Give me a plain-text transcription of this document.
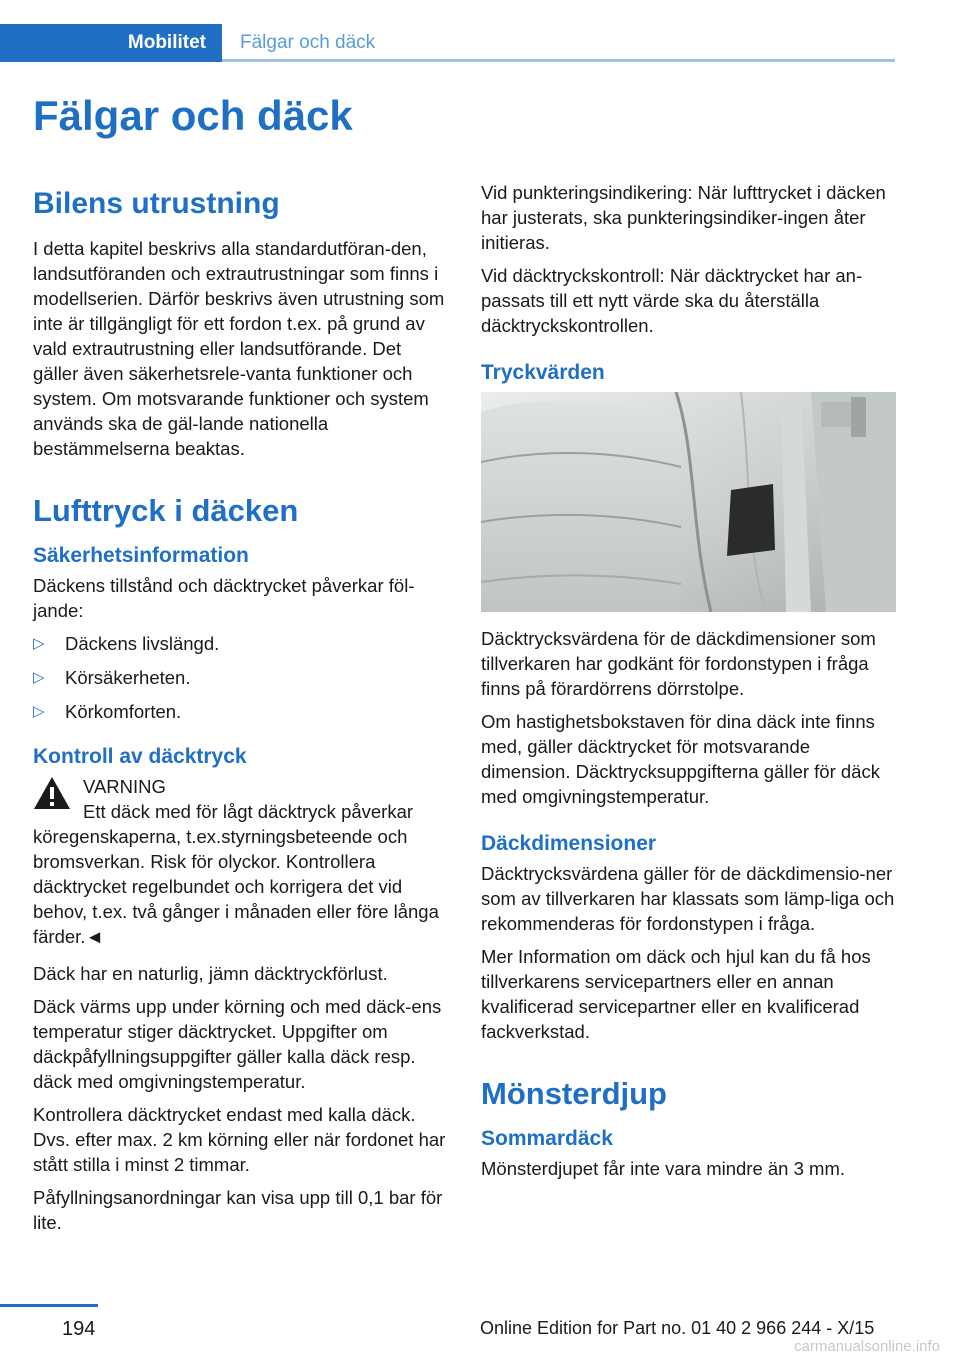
Mobilitet Fälgar och däck
Fälgar och däck
Bilens utrustning

I detta kapitel beskrivs alla standardutföran-den, landsutföranden och extrautrustningar som finns i modellserien. Därför beskrivs även utrustning som inte är tillgängligt för ett fordon t.ex. på grund av vald extrautrustning eller landsutförande. Det gäller även säkerhetsrele-vanta funktioner och system. Om motsvarande funktioner och system används ska de gäl-lande nationella bestämmelserna beaktas.

Lufttryck i däcken
Säkerhetsinformation

Däckens tillstånd och däcktrycket påverkar föl-jande:

▷ Däckens livslängd.
▷ Körsäkerheten.
▷ Körkomforten.
Kontroll av däcktryck
VARNING
Ett däck med för lågt däcktryck påverkar
köregenskaperna, t.ex.styrningsbeteende och bromsverkan. Risk för olyckor. Kontrollera däcktrycket regelbundet och korrigera det vid behov, t.ex. två gånger i månaden eller före långa färder.◄

Däck har en naturlig, jämn däcktryckförlust.

Däck värms upp under körning och med däck-ens temperatur stiger däcktrycket. Uppgifter om däckpåfyllningsuppgifter gäller kalla däck resp. däck med omgivningstemperatur.

Kontrollera däcktrycket endast med kalla däck. Dvs. efter max. 2 km körning eller när fordonet har stått stilla i minst 2 timmar.

Påfyllningsanordningar kan visa upp till 0,1 bar för lite.

Vid punkteringsindikering: När lufttrycket i däcken har justerats, ska punkteringsindiker-ingen åter initieras.

Vid däcktryckskontroll: När däcktrycket har an-passats till ett nytt värde ska du återställa däcktryckskontrollen.

Tryckvärden

Däcktrycksvärdena för de däckdimensioner som tillverkaren har godkänt för fordonstypen i fråga finns på förardörrens dörrstolpe.

Om hastighetsbokstaven för dina däck inte finns med, gäller däcktrycket för motsvarande dimension. Däcktrycksuppgifterna gäller för däck med omgivningstemperatur.

Däckdimensioner

Däcktrycksvärdena gäller för de däckdimensio-ner som av tillverkaren har klassats som lämp-liga och rekommenderas för fordonstypen i fråga.

Mer Information om däck och hjul kan du få hos tillverkarens servicepartners eller en annan kvalificerad servicepartner eller en kvalificerad fackverkstad.

Mönsterdjup
Sommardäck

Mönsterdjupet får inte vara mindre än 3 mm.

194	Online Edition for Part no. 01 40 2 966 244 - X/15
carmanualsonline.info
